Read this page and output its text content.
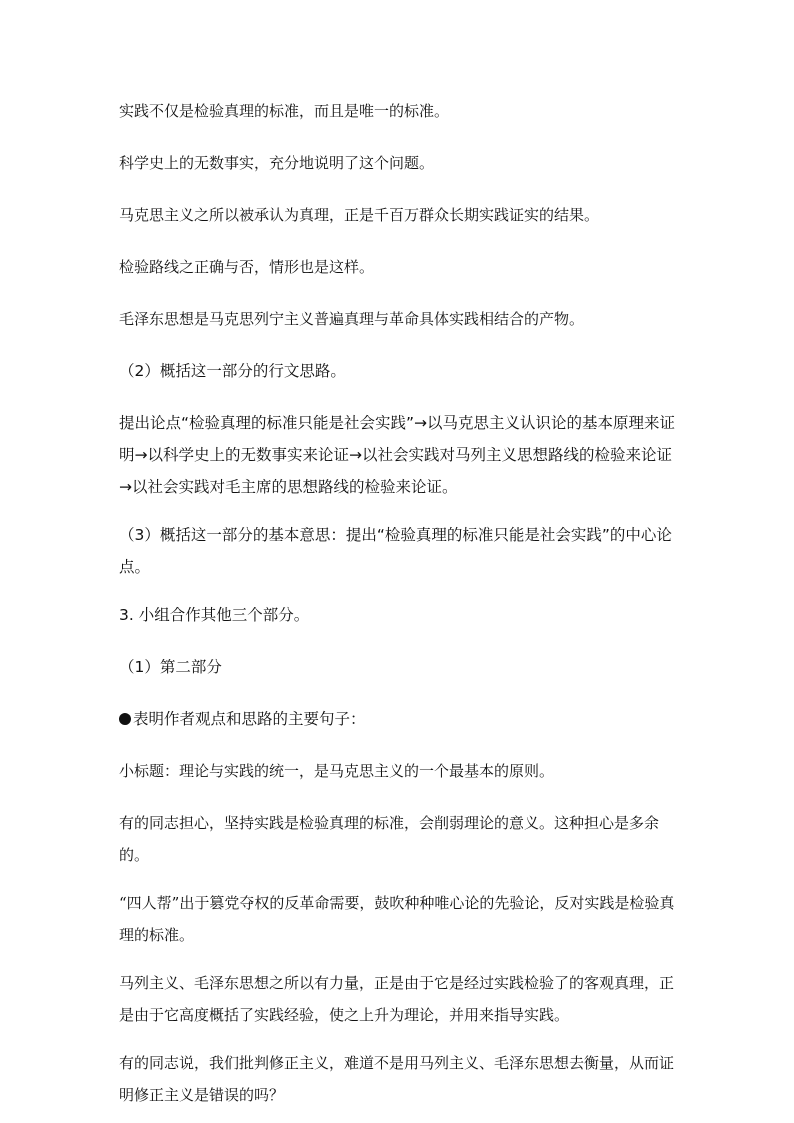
实践不仅是检验真理的标准，而且是唯一的标准。

科学史上的无数事实，充分地说明了这个问题。

马克思主义之所以被承认为真理，正是千百万群众长期实践证实的结果。

检验路线之正确与否，情形也是这样。

毛泽东思想是马克思列宁主义普遍真理与革命具体实践相结合的产物。

（2）概括这一部分的行文思路。

提出论点“检验真理的标准只能是社会实践”→以马克思主义认识论的基本原理来证明→以科学史上的无数事实来论证→以社会实践对马列主义思想路线的检验来论证→以社会实践对毛主席的思想路线的检验来论证。

（3）概括这一部分的基本意思：提出“检验真理的标准只能是社会实践”的中心论点。

3. 小组合作其他三个部分。

（1）第二部分

表明作者观点和思路的主要句子：

小标题：理论与实践的统一，是马克思主义的一个最基本的原则。

有的同志担心，坚持实践是检验真理的标准，会削弱理论的意义。这种担心是多余的。

“四人帮”出于篡党夺权的反革命需要，鼓吹种种唯心论的先验论，反对实践是检验真理的标准。

马列主义、毛泽东思想之所以有力量，正是由于它是经过实践检验了的客观真理，正是由于它高度概括了实践经验，使之上升为理论，并用来指导实践。

有的同志说，我们批判修正主义，难道不是用马列主义、毛泽东思想去衡量，从而证明修正主义是错误的吗？
